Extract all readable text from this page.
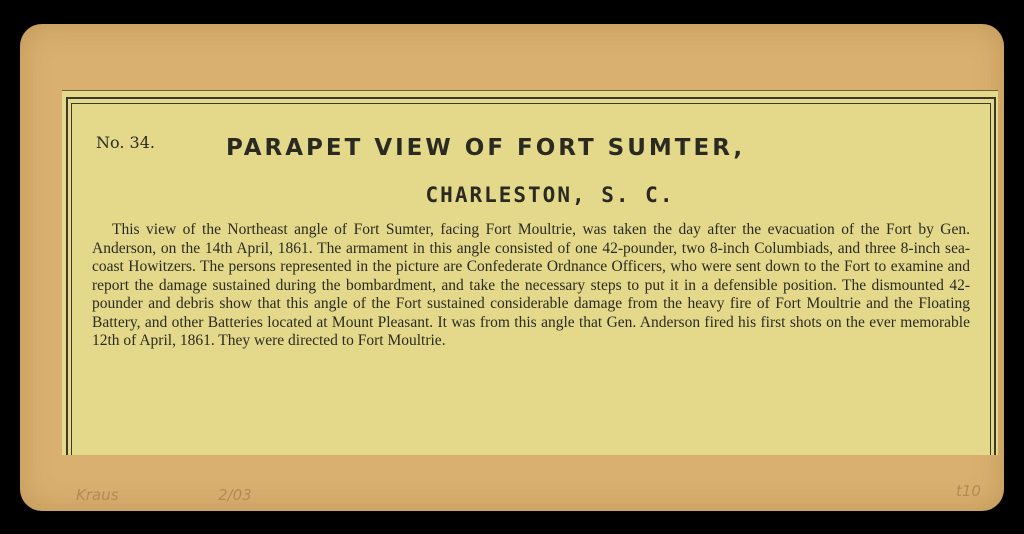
No. 34.	PARAPET VIEW OF FORT SUMTER,
CHARLESTON, S. C.

This view of the Northeast angle of Fort Sumter, facing Fort Moultrie, was taken the day after the evacuation of the Fort by Gen. Anderson, on the 14th April, 1861. The armament in this angle consisted of one 42-pounder, two 8-inch Columbiads, and three 8-inch sea-coast Howitzers. The persons represented in the picture are Confederate Ordnance Officers, who were sent down to the Fort to examine and report the damage sustained during the bombardment, and take the necessary steps to put it in a defensible position. The dismounted 42-pounder and debris show that this angle of the Fort sustained considerable damage from the heavy fire of Fort Moultrie and the Floating Battery, and other Batteries located at Mount Pleasant. It was from this angle that Gen. Anderson fired his first shots on the ever memorable 12th of April, 1861. They were directed to Fort Moultrie.

Kraus	2/03	t10
